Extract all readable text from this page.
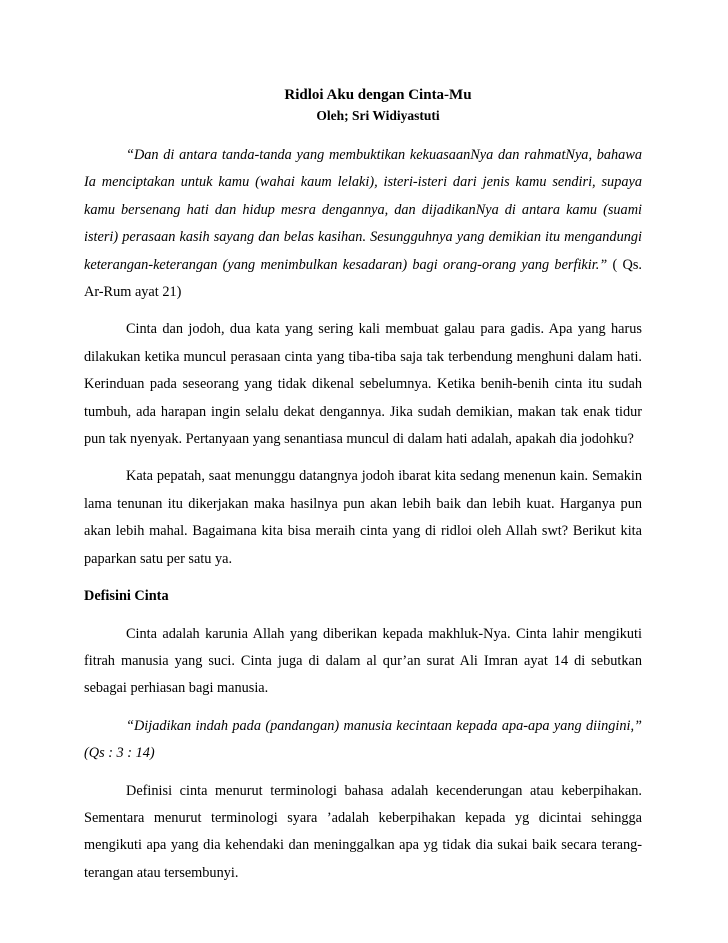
Ridloi Aku dengan Cinta-Mu
Oleh; Sri Widiyastuti

“Dan di antara tanda-tanda yang membuktikan kekuasaanNya dan rahmatNya, bahawa Ia menciptakan untuk kamu (wahai kaum lelaki), isteri-isteri dari jenis kamu sendiri, supaya kamu bersenang hati dan hidup mesra dengannya, dan dijadikanNya di antara kamu (suami isteri) perasaan kasih sayang dan belas kasihan. Sesungguhnya yang demikian itu mengandungi keterangan-keterangan (yang menimbulkan kesadaran) bagi orang-orang yang berfikir.” ( Qs. Ar-Rum ayat 21)

Cinta dan jodoh, dua kata yang sering kali membuat galau para gadis. Apa yang harus dilakukan ketika muncul perasaan cinta yang tiba-tiba saja tak terbendung menghuni dalam hati. Kerinduan pada seseorang yang tidak dikenal sebelumnya. Ketika benih-benih cinta itu sudah tumbuh, ada harapan ingin selalu dekat dengannya. Jika sudah demikian, makan tak enak tidur pun tak nyenyak. Pertanyaan yang senantiasa muncul di dalam hati adalah, apakah dia jodohku?

Kata pepatah, saat menunggu datangnya jodoh ibarat kita sedang menenun kain. Semakin lama tenunan itu dikerjakan maka hasilnya pun akan lebih baik dan lebih kuat. Harganya pun akan lebih mahal. Bagaimana kita bisa meraih cinta yang di ridloi oleh Allah swt? Berikut kita paparkan satu per satu ya.

Defisini Cinta

Cinta adalah karunia Allah yang diberikan kepada makhluk-Nya. Cinta lahir mengikuti fitrah manusia yang suci. Cinta juga di dalam al qur’an surat Ali Imran ayat 14 di sebutkan sebagai perhiasan bagi manusia.

“Dijadikan indah pada (pandangan) manusia kecintaan kepada apa-apa yang diingini,” (Qs : 3 : 14)

Definisi cinta menurut terminologi bahasa adalah kecenderungan atau keberpihakan. Sementara menurut terminologi syara ’adalah keberpihakan kepada yg dicintai sehingga mengikuti apa yang dia kehendaki dan meninggalkan apa yg tidak dia sukai baik secara terang-terangan atau tersembunyi.
